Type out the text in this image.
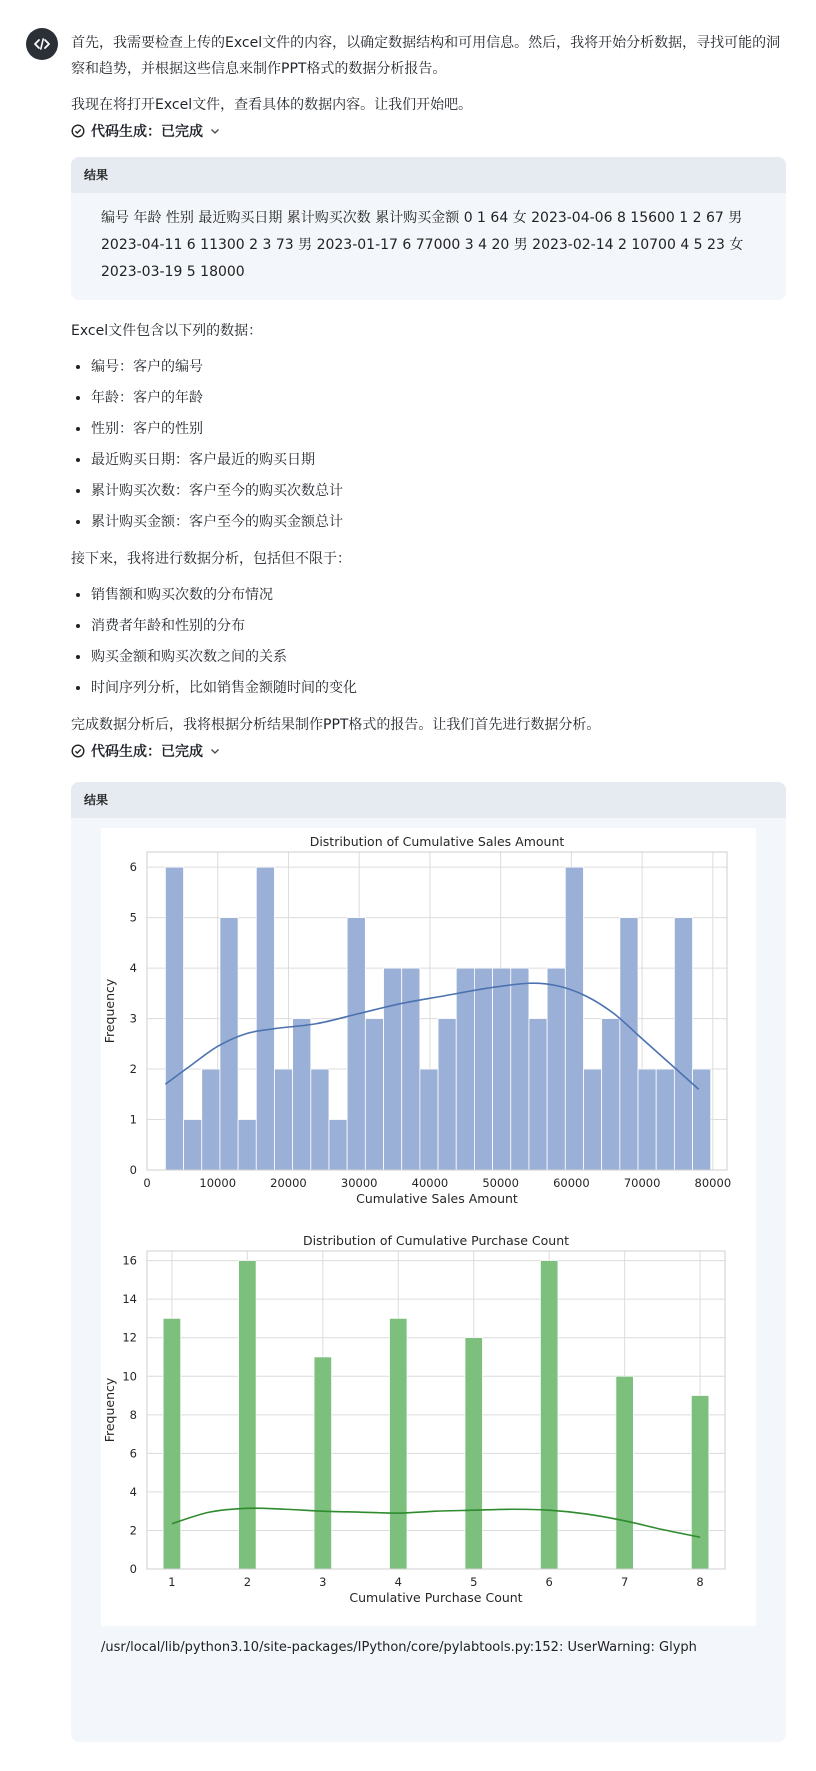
首先，我需要检查上传的Excel文件的内容，以确定数据结构和可用信息。然后，我将开始分析数据，寻找可能的洞察和趋势，并根据这些信息来制作PPT格式的数据分析报告。

我现在将打开Excel文件，查看具体的数据内容。让我们开始吧。

代码生成：已完成
结果
编号 年龄 性别 最近购买日期 累计购买次数 累计购买金额 0 1 64 女 2023-04-06 8 15600 1 2 67 男 2023-04-11 6 11300 2 3 73 男 2023-01-17 6 77000 3 4 20 男 2023-02-14 2 10700 4 5 23 女 2023-03-19 5 18000

Excel文件包含以下列的数据：

• 编号：客户的编号
• 年龄：客户的年龄
• 性别：客户的性别
• 最近购买日期：客户最近的购买日期
• 累计购买次数：客户至今的购买次数总计
• 累计购买金额：客户至今的购买金额总计

接下来，我将进行数据分析，包括但不限于：

• 销售额和购买次数的分布情况
• 消费者年龄和性别的分布
• 购买金额和购买次数之间的关系
• 时间序列分析，比如销售金额随时间的变化

完成数据分析后，我将根据分析结果制作PPT格式的报告。让我们首先进行数据分析。

代码生成：已完成
结果
0
1
2
3
4
5
6
0	10000	20000	30000	40000	50000	60000	70000	80000
Distribution of Cumulative Sales Amount
Cumulative Sales Amount
Frequency
0
2
4
6
8
10
12
14
16
1	2	3	4	5	6	7	8
Distribution of Cumulative Purchase Count
Cumulative Purchase Count
Frequency
/usr/local/lib/python3.10/site-packages/IPython/core/pylabtools.py:152: UserWarning: Glyph
